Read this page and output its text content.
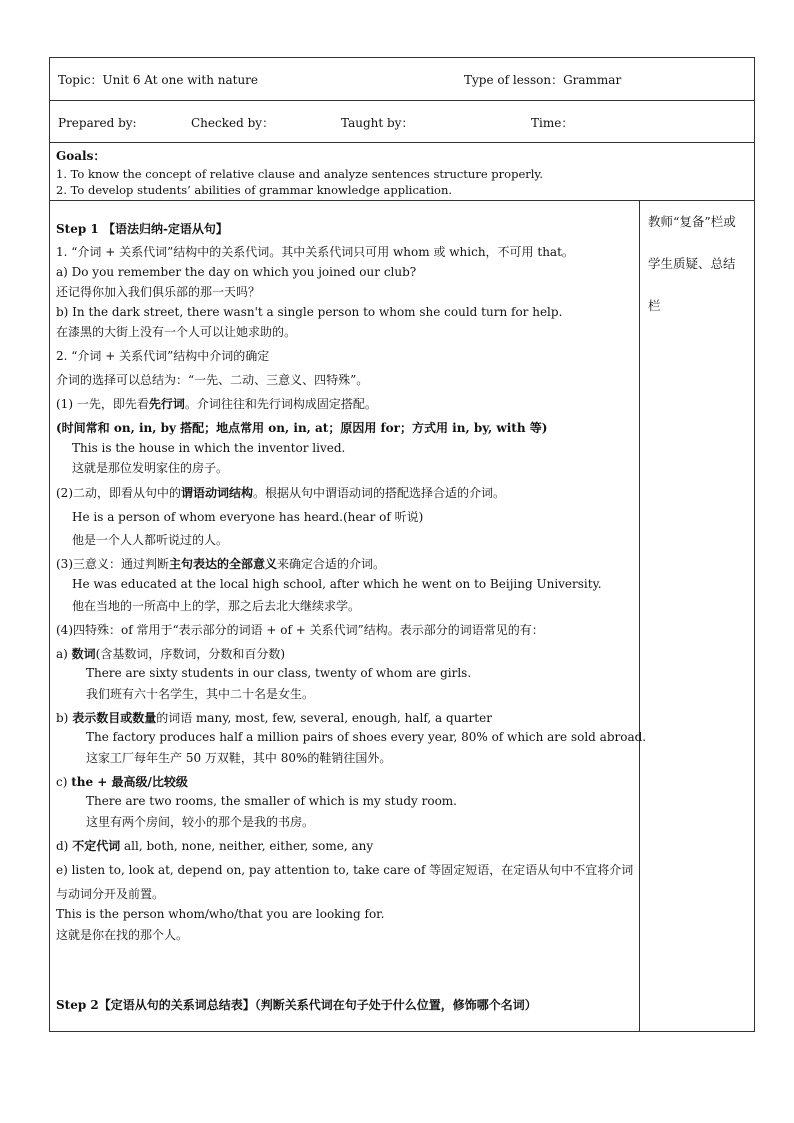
Topic：Unit 6 At one with nature	Type of lesson：Grammar
Prepared by:	Checked by：	Taught by：	Time：
Goals：
1. To know the concept of relative clause and analyze sentences structure properly.
2. To develop students’ abilities of grammar knowledge application.
教师“复备”栏或
学生质疑、总结
栏
Step 1 【语法归纳-定语从句】
1. “介词 + 关系代词”结构中的关系代词。其中关系代词只可用 whom 或 which，不可用 that。
a) Do you remember the day on which you joined our club?
还记得你加入我们俱乐部的那一天吗？
b) In the dark street, there wasn't a single person to whom she could turn for help.
在漆黑的大街上没有一个人可以让她求助的。
2. “介词 + 关系代词”结构中介词的确定
介词的选择可以总结为：“一先、二动、三意义、四特殊”。
(1) 一先，即先看先行词。介词往往和先行词构成固定搭配。
(时间常和 on, in, by 搭配；地点常用 on, in, at；原因用 for；方式用 in, by, with 等)
This is the house in which the inventor lived.
这就是那位发明家住的房子。
(2)二动，即看从句中的谓语动词结构。根据从句中谓语动词的搭配选择合适的介词。
He is a person of whom everyone has heard.(hear of 听说)
他是一个人人都听说过的人。
(3)三意义：通过判断主句表达的全部意义来确定合适的介词。
He was educated at the local high school, after which he went on to Beijing University.
他在当地的一所高中上的学，那之后去北大继续求学。
(4)四特殊：of 常用于“表示部分的词语 + of + 关系代词”结构。表示部分的词语常见的有：
a) 数词(含基数词，序数词，分数和百分数)
There are sixty students in our class, twenty of whom are girls.
我们班有六十名学生，其中二十名是女生。
b) 表示数目或数量的词语 many, most, few, several, enough, half, a quarter
The factory produces half a million pairs of shoes every year, 80% of which are sold abroad.
这家工厂每年生产 50 万双鞋，其中 80%的鞋销往国外。
c) the + 最高级/比较级
There are two rooms, the smaller of which is my study room.
这里有两个房间，较小的那个是我的书房。
d) 不定代词 all, both, none, neither, either, some, any
e) listen to, look at, depend on, pay attention to, take care of 等固定短语，在定语从句中不宜将介词
与动词分开及前置。
This is the person whom/who/that you are looking for.
这就是你在找的那个人。
Step 2【定语从句的关系词总结表】（判断关系代词在句子处于什么位置，修饰哪个名词）
